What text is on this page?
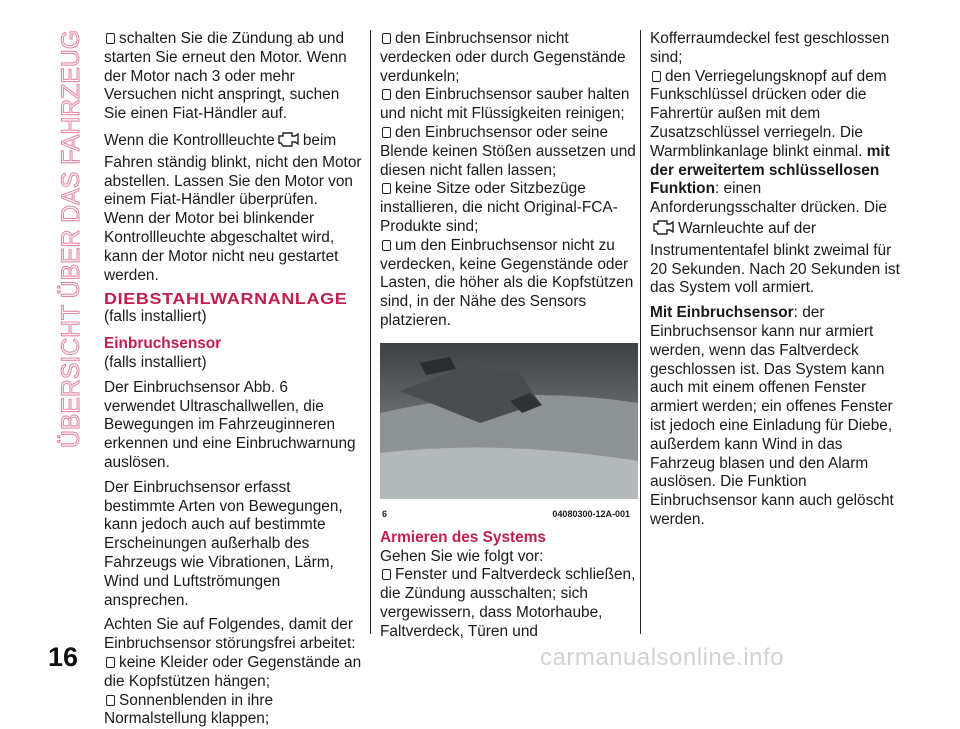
ÜBERSICHT ÜBER DAS FAHRZEUG	schalten Sie die Zündung ab und starten Sie erneut den Motor. Wenn der Motor nach 3 oder mehr Versuchen nicht anspringt, suchen Sie einen Fiat-Händler auf.

Wenn die Kontrollleuchte beim Fahren ständig blinkt, nicht den Motor abstellen. Lassen Sie den Motor von einem Fiat-Händler überprüfen. Wenn der Motor bei blinkender Kontrollleuchte abgeschaltet wird, kann der Motor nicht neu gestartet werden.

DIEBSTAHLWARNANLAGE
(falls installiert)
Einbruchsensor
(falls installiert)

Der Einbruchsensor Abb. 6 verwendet Ultraschallwellen, die Bewegungen im Fahrzeuginneren erkennen und eine Einbruchwarnung auslösen.

Der Einbruchsensor erfasst bestimmte Arten von Bewegungen, kann jedoch auch auf bestimmte Erscheinungen außerhalb des Fahrzeugs wie Vibrationen, Lärm, Wind und Luftströmungen ansprechen.

Achten Sie auf Folgendes, damit der Einbruchsensor störungsfrei arbeitet:

keine Kleider oder Gegenstände an die Kopfstützen hängen;

Sonnenblenden in ihre Normalstellung klappen;

den Einbruchsensor nicht verdecken oder durch Gegenstände verdunkeln;

den Einbruchsensor sauber halten und nicht mit Flüssigkeiten reinigen;

den Einbruchsensor oder seine Blende keinen Stößen aussetzen und diesen nicht fallen lassen;

keine Sitze oder Sitzbezüge installieren, die nicht Original-FCA-Produkte sind;

um den Einbruchsensor nicht zu verdecken, keine Gegenstände oder Lasten, die höher als die Kopfstützen sind, in der Nähe des Sensors platzieren.

6	04080300-12A-001
Armieren des Systems

Gehen Sie wie folgt vor:

Fenster und Faltverdeck schließen, die Zündung ausschalten; sich vergewissern, dass Motorhaube, Faltverdeck, Türen und

Kofferraumdeckel fest geschlossen sind;

den Verriegelungsknopf auf dem Funkschlüssel drücken oder die Fahrertür außen mit dem Zusatzschlüssel verriegeln. Die Warmblinkanlage blinkt einmal. mit der erweitertem schlüssellosen Funktion: einen Anforderungsschalter drücken. DieWarnleuchte auf der Instrumententafel blinkt zweimal für 20 Sekunden. Nach 20 Sekunden ist das System voll armiert.

Mit Einbruchsensor: der Einbruchsensor kann nur armiert werden, wenn das Faltverdeck geschlossen ist. Das System kann auch mit einem offenen Fenster armiert werden; ein offenes Fenster ist jedoch eine Einladung für Diebe, außerdem kann Wind in das Fahrzeug blasen und den Alarm auslösen. Die Funktion Einbruchsensor kann auch gelöscht werden.

16	carmanualsonline.info
